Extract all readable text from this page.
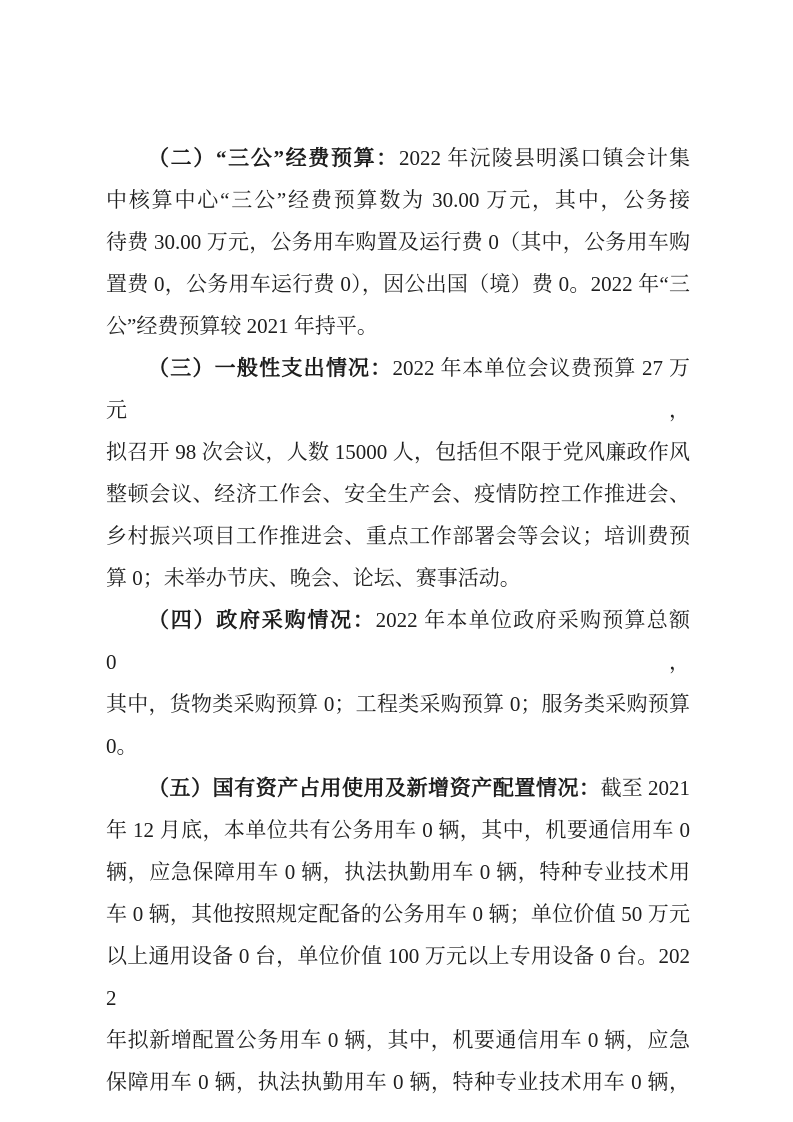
（二）“三公”经费预算：2022 年沅陵县明溪口镇会计集
中核算中心“三公”经费预算数为 30.00 万元，其中，公务接
待费 30.00 万元，公务用车购置及运行费 0（其中，公务用车购
置费 0，公务用车运行费 0），因公出国（境）费 0。2022 年“三
公”经费预算较 2021 年持平。
（三）一般性支出情况：2022 年本单位会议费预算 27 万元，
拟召开 98 次会议，人数 15000 人，包括但不限于党风廉政作风
整顿会议、经济工作会、安全生产会、疫情防控工作推进会、
乡村振兴项目工作推进会、重点工作部署会等会议；培训费预
算 0；未举办节庆、晚会、论坛、赛事活动。
（四）政府采购情况：2022 年本单位政府采购预算总额 0，
其中，货物类采购预算 0；工程类采购预算 0；服务类采购预算
0。
（五）国有资产占用使用及新增资产配置情况：截至 2021
年 12 月底，本单位共有公务用车 0 辆，其中，机要通信用车 0
辆，应急保障用车 0 辆，执法执勤用车 0 辆，特种专业技术用
车 0 辆，其他按照规定配备的公务用车 0 辆；单位价值 50 万元
以上通用设备 0 台，单位价值 100 万元以上专用设备 0 台。2022
年拟新增配置公务用车 0 辆，其中，机要通信用车 0 辆，应急
保障用车 0 辆，执法执勤用车 0 辆，特种专业技术用车 0 辆，
